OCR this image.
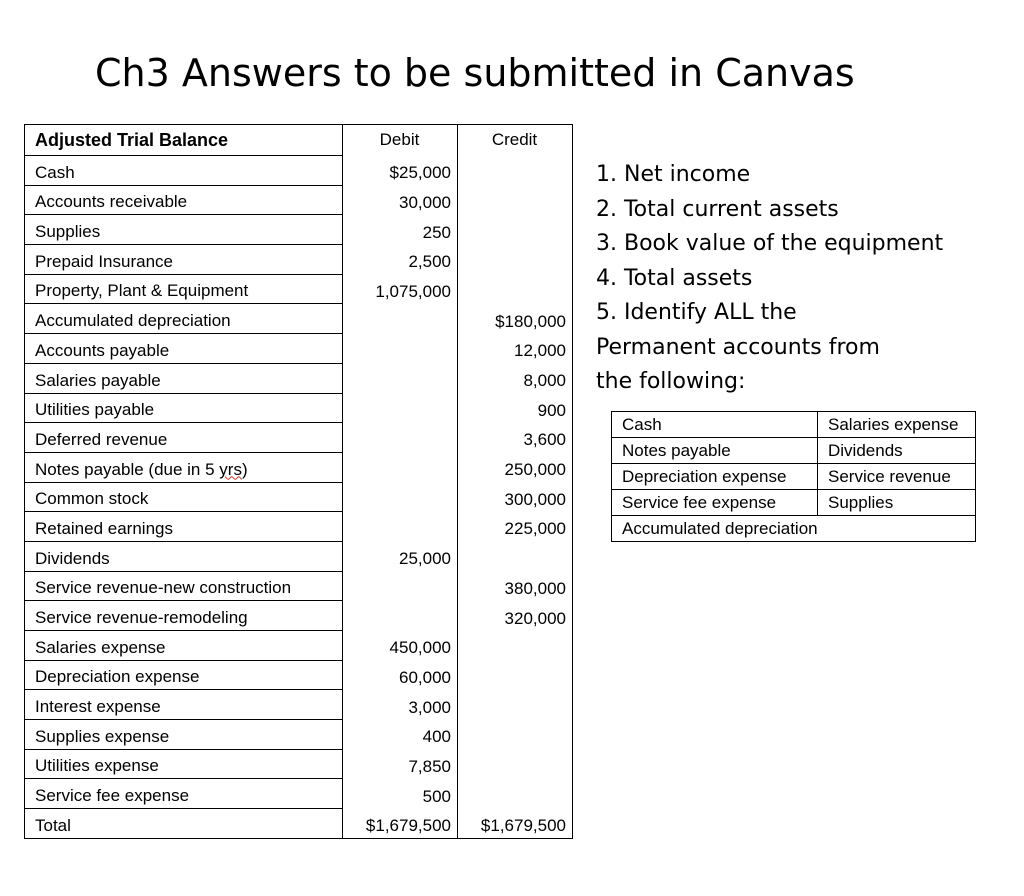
Ch3 Answers to be submitted in Canvas
Adjusted Trial Balance	Debit	Credit
Cash	$25,000	
Accounts receivable	30,000	
Supplies	250	
Prepaid Insurance	2,500	
Property, Plant & Equipment	1,075,000	
Accumulated depreciation		$180,000
Accounts payable		12,000
Salaries payable		8,000
Utilities payable		900
Deferred revenue		3,600
Notes payable (due in 5 yrs)		250,000
Common stock		300,000
Retained earnings		225,000
Dividends	25,000	
Service revenue-new construction		380,000
Service revenue-remodeling		320,000
Salaries expense	450,000	
Depreciation expense	60,000	
Interest expense	3,000	
Supplies expense	400	
Utilities expense	7,850	
Service fee expense	500	
Total	$1,679,500	$1,679,500
1. Net income
2. Total current assets
3. Book value of the equipment
4. Total assets
5. Identify ALL the
Permanent accounts from
the following:
Cash	Salaries expense
Notes payable	Dividends
Depreciation expense	Service revenue
Service fee expense	Supplies
Accumulated depreciation	
